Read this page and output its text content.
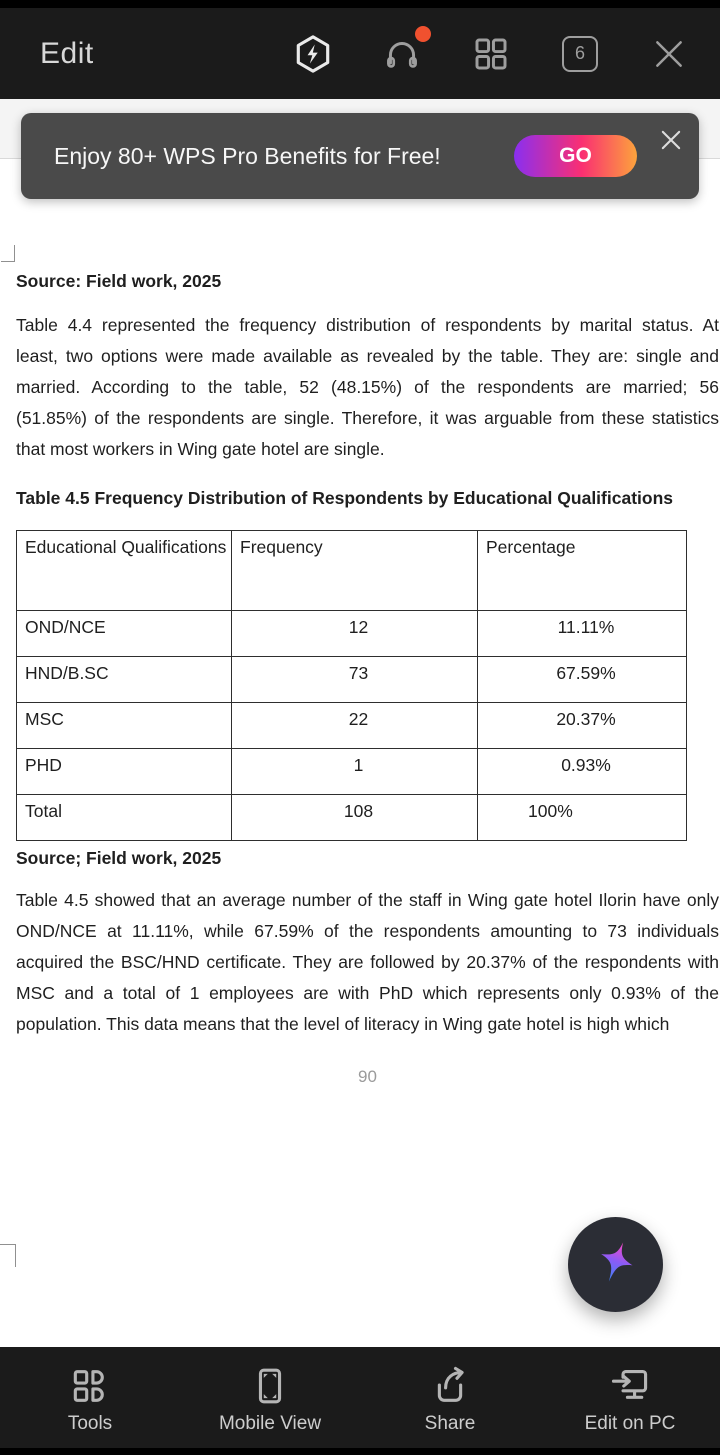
Edit	6
Enjoy 80+ WPS Pro Benefits for Free!	GO
Source: Field work, 2025
Table 4.4 represented the frequency distribution of respondents by marital status. At
least, two options were made available as revealed by the table. They are: single and
married. According to the table, 52 (48.15%) of the respondents are married; 56
(51.85%) of the respondents are single. Therefore, it was arguable from these statistics
that most workers in Wing gate hotel are single.
Table 4.5 Frequency Distribution of Respondents by Educational Qualifications
Educational Qualifications	Frequency	Percentage
OND/NCE	12	11.11%
HND/B.SC	73	67.59%
MSC	22	20.37%
PHD	1	0.93%
Total	108	100%
Source; Field work, 2025
Table 4.5 showed that an average number of the staff in Wing gate hotel Ilorin have only
OND/NCE at 11.11%, while 67.59% of the respondents amounting to 73 individuals
acquired the BSC/HND certificate. They are followed by 20.37% of the respondents with
MSC and a total of 1 employees are with PhD which represents only 0.93% of the
population. This data means that the level of literacy in Wing gate hotel is high which
90
Tools	Mobile View	Share	Edit on PC
